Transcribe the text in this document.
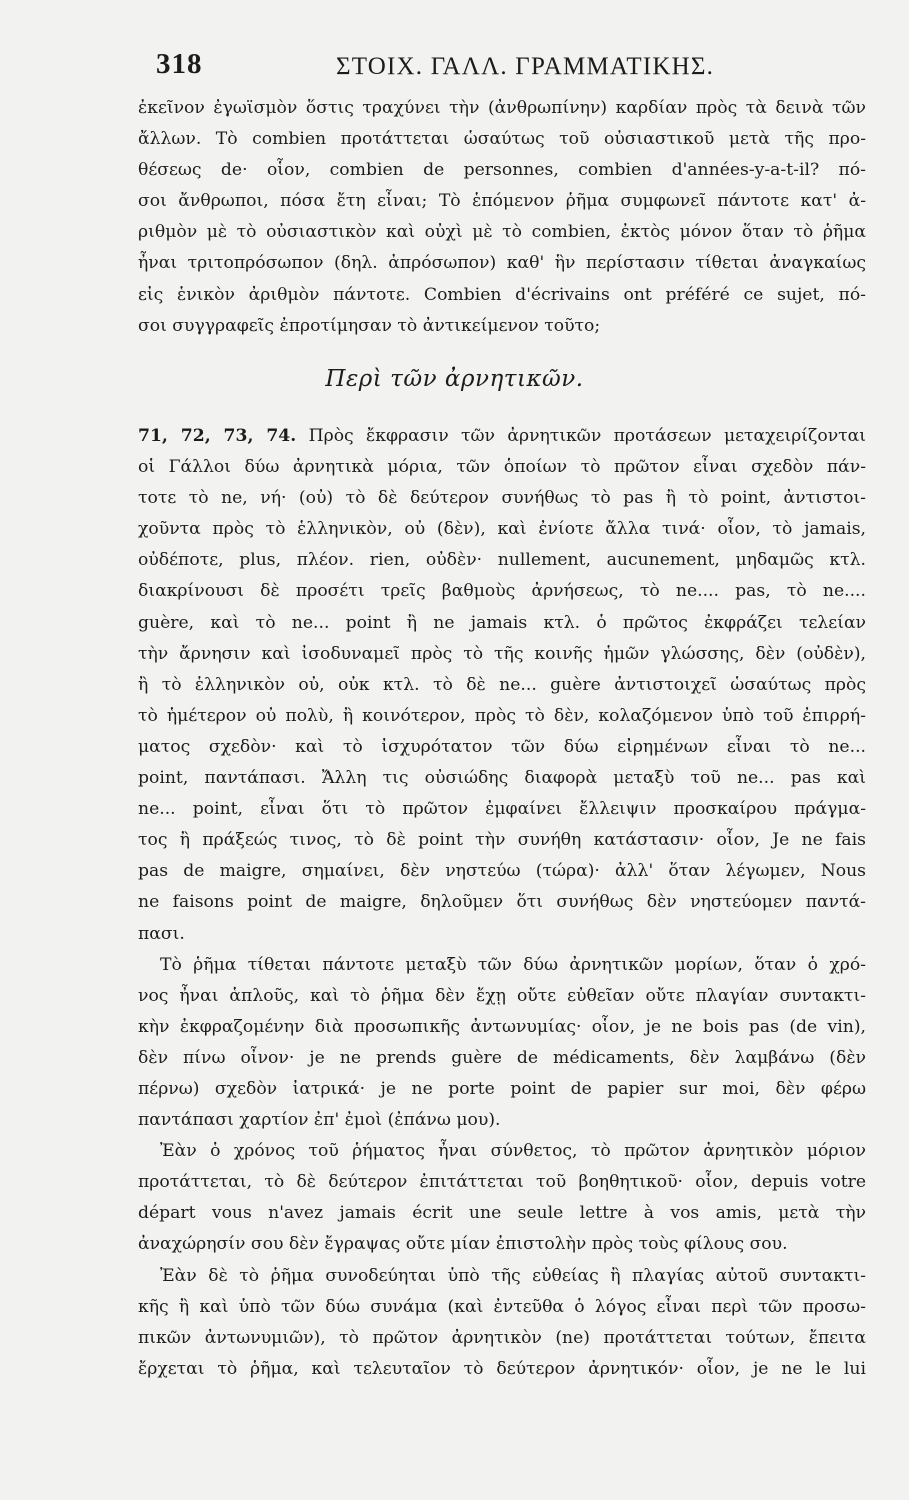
318	ΣΤΟΙΧ. ΓΑΛΛ. ΓΡΑΜΜΑΤΙΚΗΣ.
ἐκεῖνον ἐγωϊσμὸν ὅστις τραχύνει τὴν (ἀνθρωπίνην) καρδίαν πρὸς τὰ δεινὰ τῶν
ἄλλων. Τὸ combien προτάττεται ὡσαύτως τοῦ οὐσιαστικοῦ μετὰ τῆς προ-
θέσεως de· οἷον, combien de personnes, combien d'années-y-a-t-il? πό-
σοι ἄνθρωποι, πόσα ἔτη εἶναι; Τὸ ἑπόμενον ῥῆμα συμφωνεῖ πάντοτε κατ' ἀ-
ριθμὸν μὲ τὸ οὐσιαστικὸν καὶ οὐχὶ μὲ τὸ combien, ἐκτὸς μόνον ὅταν τὸ ῥῆμα
ἦναι τριτοπρόσωπον (δηλ. ἀπρόσωπον) καθ' ἣν περίστασιν τίθεται ἀναγκαίως
εἰς ἑνικὸν ἀριθμὸν πάντοτε. Combien d'écrivains ont préféré ce sujet, πό-
σοι συγγραφεῖς ἐπροτίμησαν τὸ ἀντικείμενον τοῦτο;
Περὶ τῶν ἀρνητικῶν.
71, 72, 73, 74. Πρὸς ἔκφρασιν τῶν ἀρνητικῶν προτάσεων μεταχειρίζονται
οἱ Γάλλοι δύω ἀρνητικὰ μόρια, τῶν ὁποίων τὸ πρῶτον εἶναι σχεδὸν πάν-
τοτε τὸ ne, νή· (οὐ) τὸ δὲ δεύτερον συνήθως τὸ pas ἢ τὸ point, ἀντιστοι-
χοῦντα πρὸς τὸ ἑλληνικὸν, οὐ (δὲν), καὶ ἐνίοτε ἄλλα τινά· οἷον, τὸ jamais,
οὐδέποτε, plus, πλέον. rien, οὐδὲν· nullement, aucunement, μηδαμῶς κτλ.
διακρίνουσι δὲ προσέτι τρεῖς βαθμοὺς ἀρνήσεως, τὸ ne.... pas, τὸ ne....
guère, καὶ τὸ ne... point ἢ ne jamais κτλ. ὁ πρῶτος ἐκφράζει τελείαν
τὴν ἄρνησιν καὶ ἰσοδυναμεῖ πρὸς τὸ τῆς κοινῆς ἡμῶν γλώσσης, δὲν (οὐδὲν),
ἢ τὸ ἑλληνικὸν οὐ, οὐκ κτλ. τὸ δὲ ne... guère ἀντιστοιχεῖ ὡσαύτως πρὸς
τὸ ἡμέτερον οὐ πολὺ, ἢ κοινότερον, πρὸς τὸ δὲν, κολαζόμενον ὑπὸ τοῦ ἐπιρρή-
ματος σχεδὸν· καὶ τὸ ἰσχυρότατον τῶν δύω εἰρημένων εἶναι τὸ ne...
point, παντάπασι. Ἄλλη τις οὐσιώδης διαφορὰ μεταξὺ τοῦ ne... pas καὶ
ne... point, εἶναι ὅτι τὸ πρῶτον ἐμφαίνει ἔλλειψιν προσκαίρου πράγμα-
τος ἢ πράξεώς τινος, τὸ δὲ point τὴν συνήθη κατάστασιν· οἷον, Je ne fais
pas de maigre, σημαίνει, δὲν νηστεύω (τώρα)· ἀλλ' ὅταν λέγωμεν, Nous
ne faisons point de maigre, δηλοῦμεν ὅτι συνήθως δὲν νηστεύομεν παντά-
πασι.
Τὸ ῥῆμα τίθεται πάντοτε μεταξὺ τῶν δύω ἀρνητικῶν μορίων, ὅταν ὁ χρό-
νος ἦναι ἁπλοῦς, καὶ τὸ ῥῆμα δὲν ἔχῃ οὔτε εὐθεῖαν οὔτε πλαγίαν συντακτι-
κὴν ἐκφραζομένην διὰ προσωπικῆς ἀντωνυμίας· οἷον, je ne bois pas (de vin),
δὲν πίνω οἶνον· je ne prends guère de médicaments, δὲν λαμβάνω (δὲν
πέρνω) σχεδὸν ἰατρικά· je ne porte point de papier sur moi, δὲν φέρω
παντάπασι χαρτίον ἐπ' ἐμοὶ (ἐπάνω μου).
Ἐὰν ὁ χρόνος τοῦ ῥήματος ἦναι σύνθετος, τὸ πρῶτον ἀρνητικὸν μόριον
προτάττεται, τὸ δὲ δεύτερον ἐπιτάττεται τοῦ βοηθητικοῦ· οἷον, depuis votre
départ vous n'avez jamais écrit une seule lettre à vos amis, μετὰ τὴν
ἀναχώρησίν σου δὲν ἔγραψας οὔτε μίαν ἐπιστολὴν πρὸς τοὺς φίλους σου.
Ἐὰν δὲ τὸ ῥῆμα συνοδεύηται ὑπὸ τῆς εὐθείας ἢ πλαγίας αὐτοῦ συντακτι-
κῆς ἢ καὶ ὑπὸ τῶν δύω συνάμα (καὶ ἐντεῦθα ὁ λόγος εἶναι περὶ τῶν προσω-
πικῶν ἀντωνυμιῶν), τὸ πρῶτον ἀρνητικὸν (ne) προτάττεται τούτων, ἔπειτα
ἔρχεται τὸ ῥῆμα, καὶ τελευταῖον τὸ δεύτερον ἀρνητικόν· οἷον, je ne le lui
